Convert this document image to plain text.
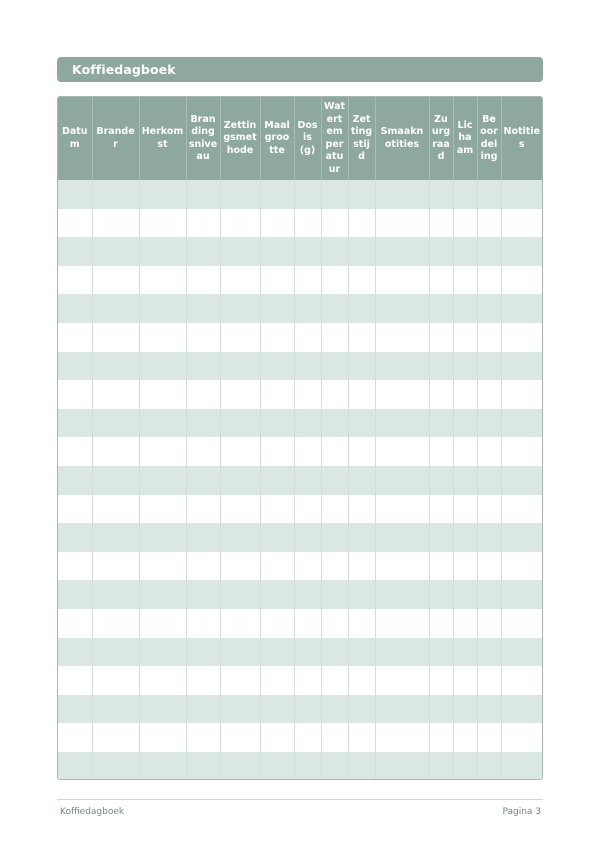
Koffiedagboek
Datum	Brander	Herkomst	Brandingsniveau	Zettingsmethode	Maalgrootte	Dosis (g)	Watertemperatuur	Zettingstijd	Smaaknotities	Zuurgraad	Lichaam	Beoordeling	Notities

Koffiedagboek	Pagina 3
